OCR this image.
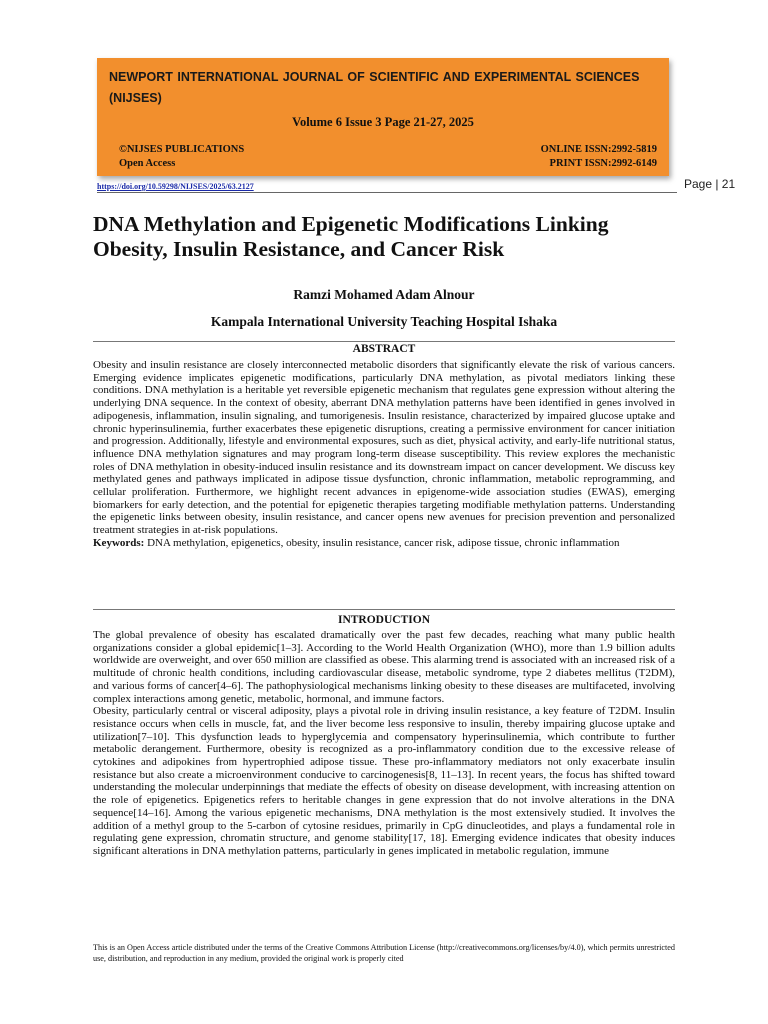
NEWPORT INTERNATIONAL JOURNAL OF SCIENTIFIC AND EXPERIMENTAL SCIENCES (NIJSES)

Volume 6 Issue 3 Page 21-27, 2025

©NIJSES PUBLICATIONS
Open Access
ONLINE ISSN:2992-5819
PRINT ISSN:2992-6149
https://doi.org/10.59298/NIJSES/2025/63.2127	Page | 21
DNA Methylation and Epigenetic Modifications Linking Obesity, Insulin Resistance, and Cancer Risk

Ramzi Mohamed Adam Alnour

Kampala International University Teaching Hospital Ishaka

ABSTRACT

Obesity and insulin resistance are closely interconnected metabolic disorders that significantly elevate the risk of various cancers. Emerging evidence implicates epigenetic modifications, particularly DNA methylation, as pivotal mediators linking these conditions. DNA methylation is a heritable yet reversible epigenetic mechanism that regulates gene expression without altering the underlying DNA sequence. In the context of obesity, aberrant DNA methylation patterns have been identified in genes involved in adipogenesis, inflammation, insulin signaling, and tumorigenesis. Insulin resistance, characterized by impaired glucose uptake and chronic hyperinsulinemia, further exacerbates these epigenetic disruptions, creating a permissive environment for cancer initiation and progression. Additionally, lifestyle and environmental exposures, such as diet, physical activity, and early-life nutritional status, influence DNA methylation signatures and may program long-term disease susceptibility. This review explores the mechanistic roles of DNA methylation in obesity-induced insulin resistance and its downstream impact on cancer development. We discuss key methylated genes and pathways implicated in adipose tissue dysfunction, chronic inflammation, metabolic reprogramming, and cellular proliferation. Furthermore, we highlight recent advances in epigenome-wide association studies (EWAS), emerging biomarkers for early detection, and the potential for epigenetic therapies targeting modifiable methylation patterns. Understanding the epigenetic links between obesity, insulin resistance, and cancer opens new avenues for precision prevention and personalized treatment strategies in at-risk populations.

Keywords: DNA methylation, epigenetics, obesity, insulin resistance, cancer risk, adipose tissue, chronic inflammation

INTRODUCTION

The global prevalence of obesity has escalated dramatically over the past few decades, reaching what many public health organizations consider a global epidemic[1–3]. According to the World Health Organization (WHO), more than 1.9 billion adults worldwide are overweight, and over 650 million are classified as obese. This alarming trend is associated with an increased risk of a multitude of chronic health conditions, including cardiovascular disease, metabolic syndrome, type 2 diabetes mellitus (T2DM), and various forms of cancer[4–6]. The pathophysiological mechanisms linking obesity to these diseases are multifaceted, involving complex interactions among genetic, metabolic, hormonal, and immune factors.

Obesity, particularly central or visceral adiposity, plays a pivotal role in driving insulin resistance, a key feature of T2DM. Insulin resistance occurs when cells in muscle, fat, and the liver become less responsive to insulin, thereby impairing glucose uptake and utilization[7–10]. This dysfunction leads to hyperglycemia and compensatory hyperinsulinemia, which contribute to further metabolic derangement. Furthermore, obesity is recognized as a pro-inflammatory condition due to the excessive release of cytokines and adipokines from hypertrophied adipose tissue. These pro-inflammatory mediators not only exacerbate insulin resistance but also create a microenvironment conducive to carcinogenesis[8, 11–13]. In recent years, the focus has shifted toward understanding the molecular underpinnings that mediate the effects of obesity on disease development, with increasing attention on the role of epigenetics. Epigenetics refers to heritable changes in gene expression that do not involve alterations in the DNA sequence[14–16]. Among the various epigenetic mechanisms, DNA methylation is the most extensively studied. It involves the addition of a methyl group to the 5-carbon of cytosine residues, primarily in CpG dinucleotides, and plays a fundamental role in regulating gene expression, chromatin structure, and genome stability[17, 18]. Emerging evidence indicates that obesity induces significant alterations in DNA methylation patterns, particularly in genes implicated in metabolic regulation, immune

This is an Open Access article distributed under the terms of the Creative Commons Attribution License (http://creativecommons.org/licenses/by/4.0), which permits unrestricted use, distribution, and reproduction in any medium, provided the original work is properly cited
